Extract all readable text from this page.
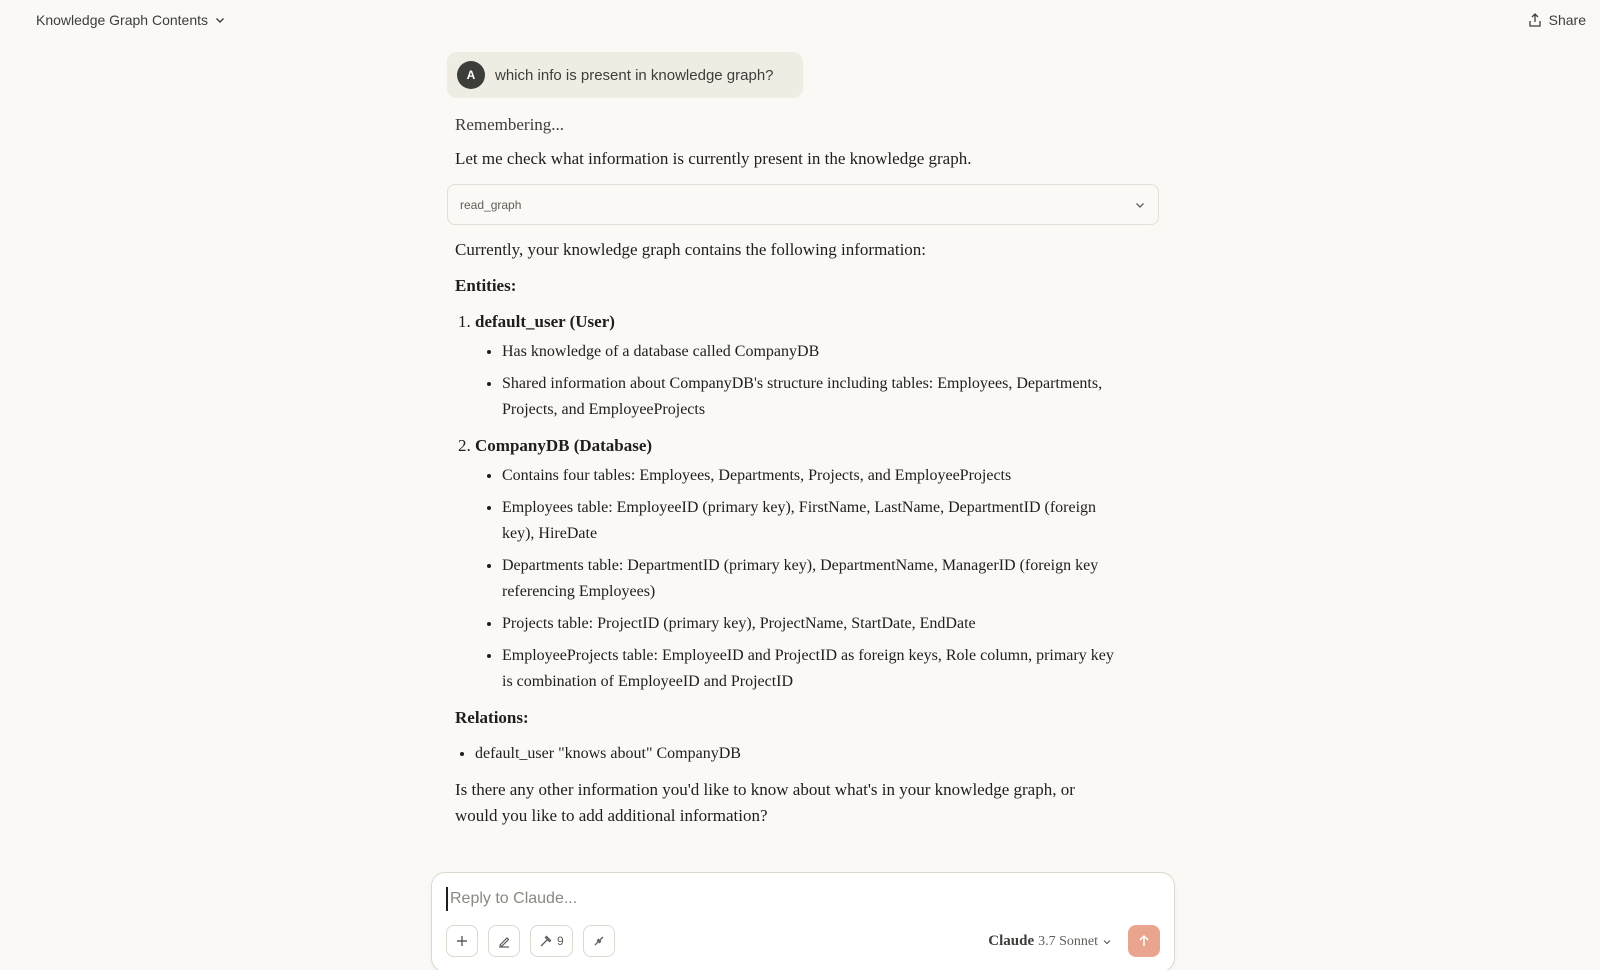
Knowledge Graph Contents	Share
A	which info is present in knowledge graph?

Remembering...

Let me check what information is currently present in the knowledge graph.

read_graph

Currently, your knowledge graph contains the following information:

Entities:

1. default_user (User)
• Has knowledge of a database called CompanyDB
• Shared information about CompanyDB's structure including tables: Employees, Departments, Projects, and EmployeeProjects
2. CompanyDB (Database)
• Contains four tables: Employees, Departments, Projects, and EmployeeProjects
• Employees table: EmployeeID (primary key), FirstName, LastName, DepartmentID (foreign key), HireDate
• Departments table: DepartmentID (primary key), DepartmentName, ManagerID (foreign key referencing Employees)
• Projects table: ProjectID (primary key), ProjectName, StartDate, EndDate
• EmployeeProjects table: EmployeeID and ProjectID as foreign keys, Role column, primary key is combination of EmployeeID and ProjectID

Relations:

• default_user "knows about" CompanyDB

Is there any other information you'd like to know about what's in your knowledge graph, or would you like to add additional information?

Reply to Claude...
9	Claude 3.7 Sonnet
